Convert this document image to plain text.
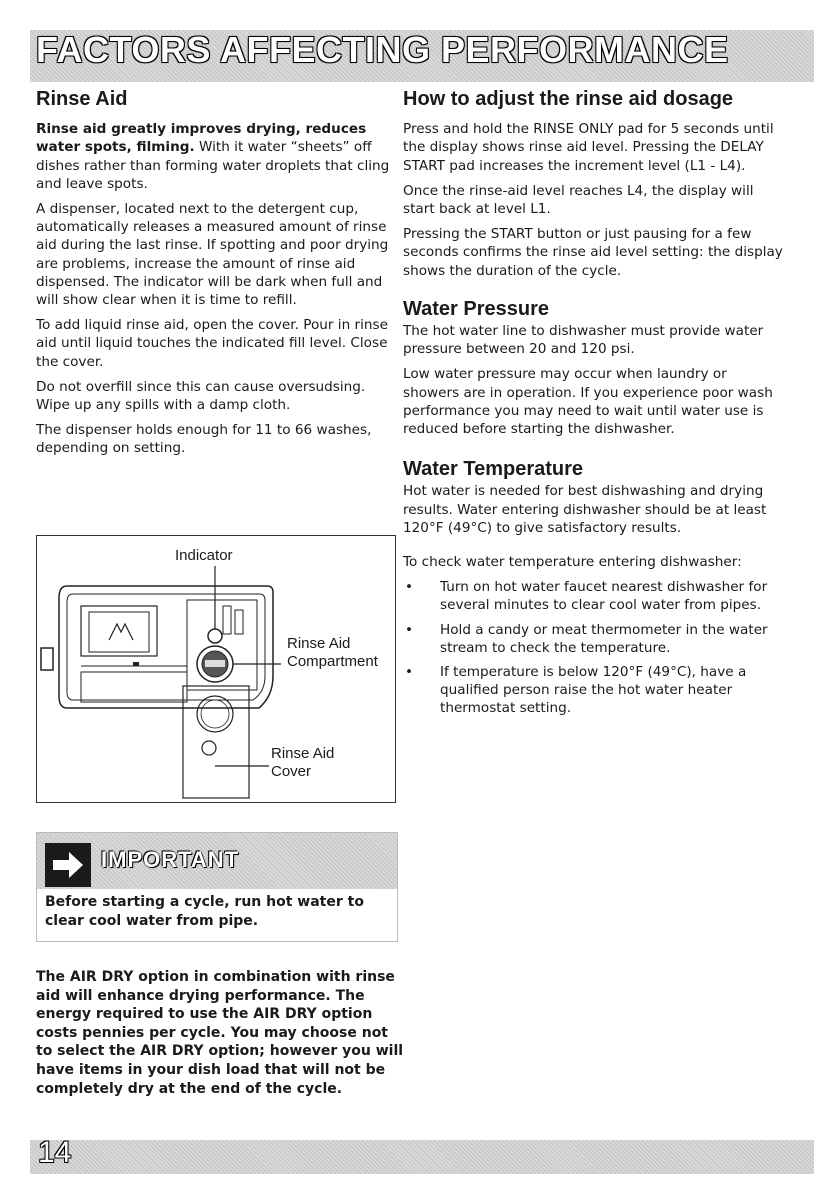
FACTORS AFFECTING PERFORMANCE
Rinse Aid

Rinse aid greatly improves drying, reduces water spots, filming. With it water “sheets” off dishes rather than forming water droplets that cling and leave spots.

A dispenser, located next to the detergent cup, automatically releases a measured amount of rinse aid during the last rinse. If spotting and poor drying are problems, increase the amount of rinse aid dispensed. The indicator will be dark when full and will show clear when it is time to refill.

To add liquid rinse aid, open the cover. Pour in rinse aid until liquid touches the indicated fill level. Close the cover.

Do not overfill since this can cause oversudsing. Wipe up any spills with a damp cloth.

The dispenser holds enough for 11 to 66 washes, depending on setting.

Indicator
Rinse Aid
Compartment
Rinse Aid
Cover
IMPORTANT
Before starting a cycle, run hot water to clear cool water from pipe.
The AIR DRY option in combination with rinse aid will enhance drying performance. The energy required to use the AIR DRY option costs pennies per cycle. You may choose not to select the AIR DRY option; however you will have items in your dish load that will not be completely dry at the end of the cycle.
How to adjust the rinse aid dosage

Press and hold the RINSE ONLY pad for 5 seconds until the display shows rinse aid level. Pressing the DELAY START pad increases the increment level (L1 - L4).

Once the rinse-aid level reaches L4, the display will start back at level L1.

Pressing the START button or just pausing for a few seconds confirms the rinse aid level setting: the display shows the duration of the cycle.

Water Pressure

The hot water line to dishwasher must provide water pressure between 20 and 120 psi.

Low water pressure may occur when laundry or showers are in operation. If you experience poor wash performance you may need to wait until water use is reduced before starting the dishwasher.

Water Temperature

Hot water is needed for best dishwashing and drying results. Water entering dishwasher should be at least 120°F (49°C) to give satisfactory results.

To check water temperature entering dishwasher:

• Turn on hot water faucet nearest dishwasher for several minutes to clear cool water from pipes.
• Hold a candy or meat thermometer in the water stream to check the temperature.
• If temperature is below 120°F (49°C), have a qualified person raise the hot water heater thermostat setting.
14
